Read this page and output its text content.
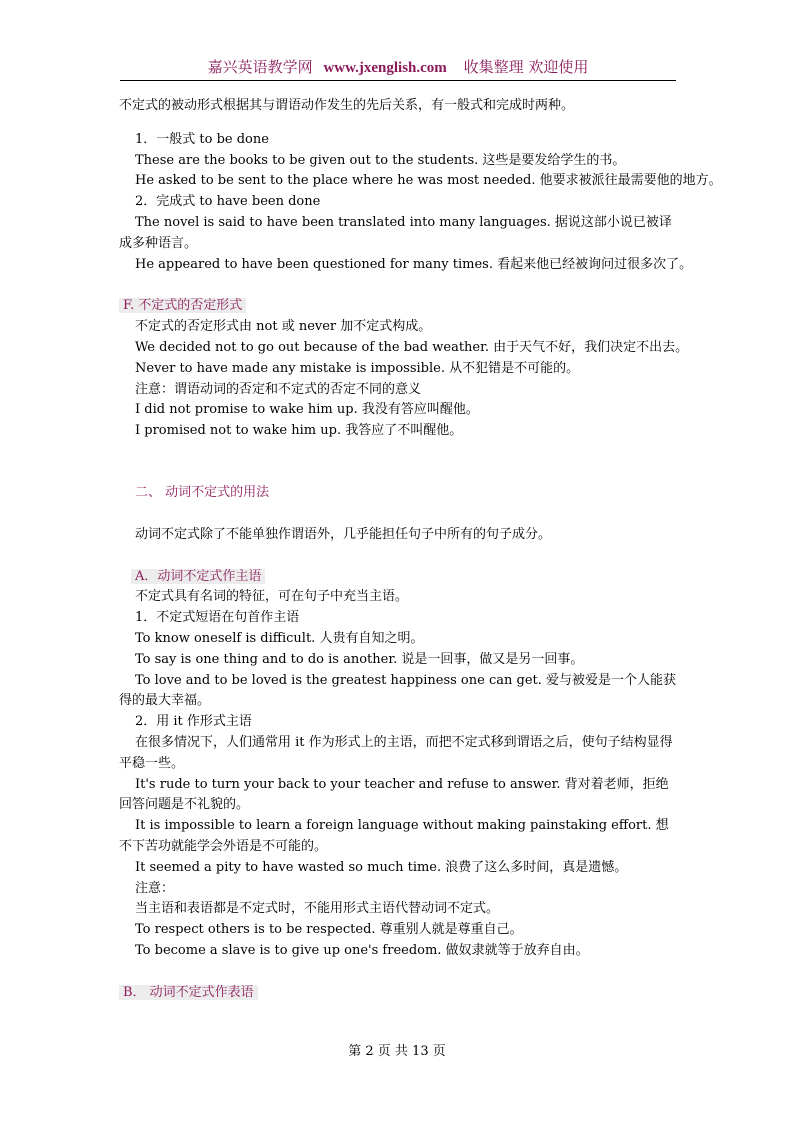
嘉兴英语教学网 www.jxenglish.com 收集整理 欢迎使用

不定式的被动形式根据其与谓语动作发生的先后关系，有一般式和完成时两种。

1．一般式 to be done

These are the books to be given out to the students. 这些是要发给学生的书。

He asked to be sent to the place where he was most needed. 他要求被派往最需要他的地方。

2．完成式 to have been done

The novel is said to have been translated into many languages. 据说这部小说已被译成多种语言。

He appeared to have been questioned for many times. 看起来他已经被询问过很多次了。

F. 不定式的否定形式

不定式的否定形式由 not 或 never 加不定式构成。

We decided not to go out because of the bad weather. 由于天气不好，我们决定不出去。

Never to have made any mistake is impossible. 从不犯错是不可能的。

注意：谓语动词的否定和不定式的否定不同的意义

I did not promise to wake him up. 我没有答应叫醒他。

I promised not to wake him up. 我答应了不叫醒他。

二、 动词不定式的用法

动词不定式除了不能单独作谓语外，几乎能担任句子中所有的句子成分。

A．动词不定式作主语

不定式具有名词的特征，可在句子中充当主语。

1．不定式短语在句首作主语

To know oneself is difficult. 人贵有自知之明。

To say is one thing and to do is another. 说是一回事，做又是另一回事。

To love and to be loved is the greatest happiness one can get. 爱与被爱是一个人能获得的最大幸福。

2．用 it 作形式主语

在很多情况下，人们通常用 it 作为形式上的主语，而把不定式移到谓语之后，使句子结构显得平稳一些。

It's rude to turn your back to your teacher and refuse to answer. 背对着老师，拒绝回答问题是不礼貌的。

It is impossible to learn a foreign language without making painstaking effort. 想不下苦功就能学会外语是不可能的。

It seemed a pity to have wasted so much time. 浪费了这么多时间，真是遗憾。

注意：

当主语和表语都是不定式时，不能用形式主语代替动词不定式。

To respect others is to be respected. 尊重别人就是尊重自己。

To become a slave is to give up one's freedom. 做奴隶就等于放弃自由。

B． 动词不定式作表语

第 2 页 共 13 页
